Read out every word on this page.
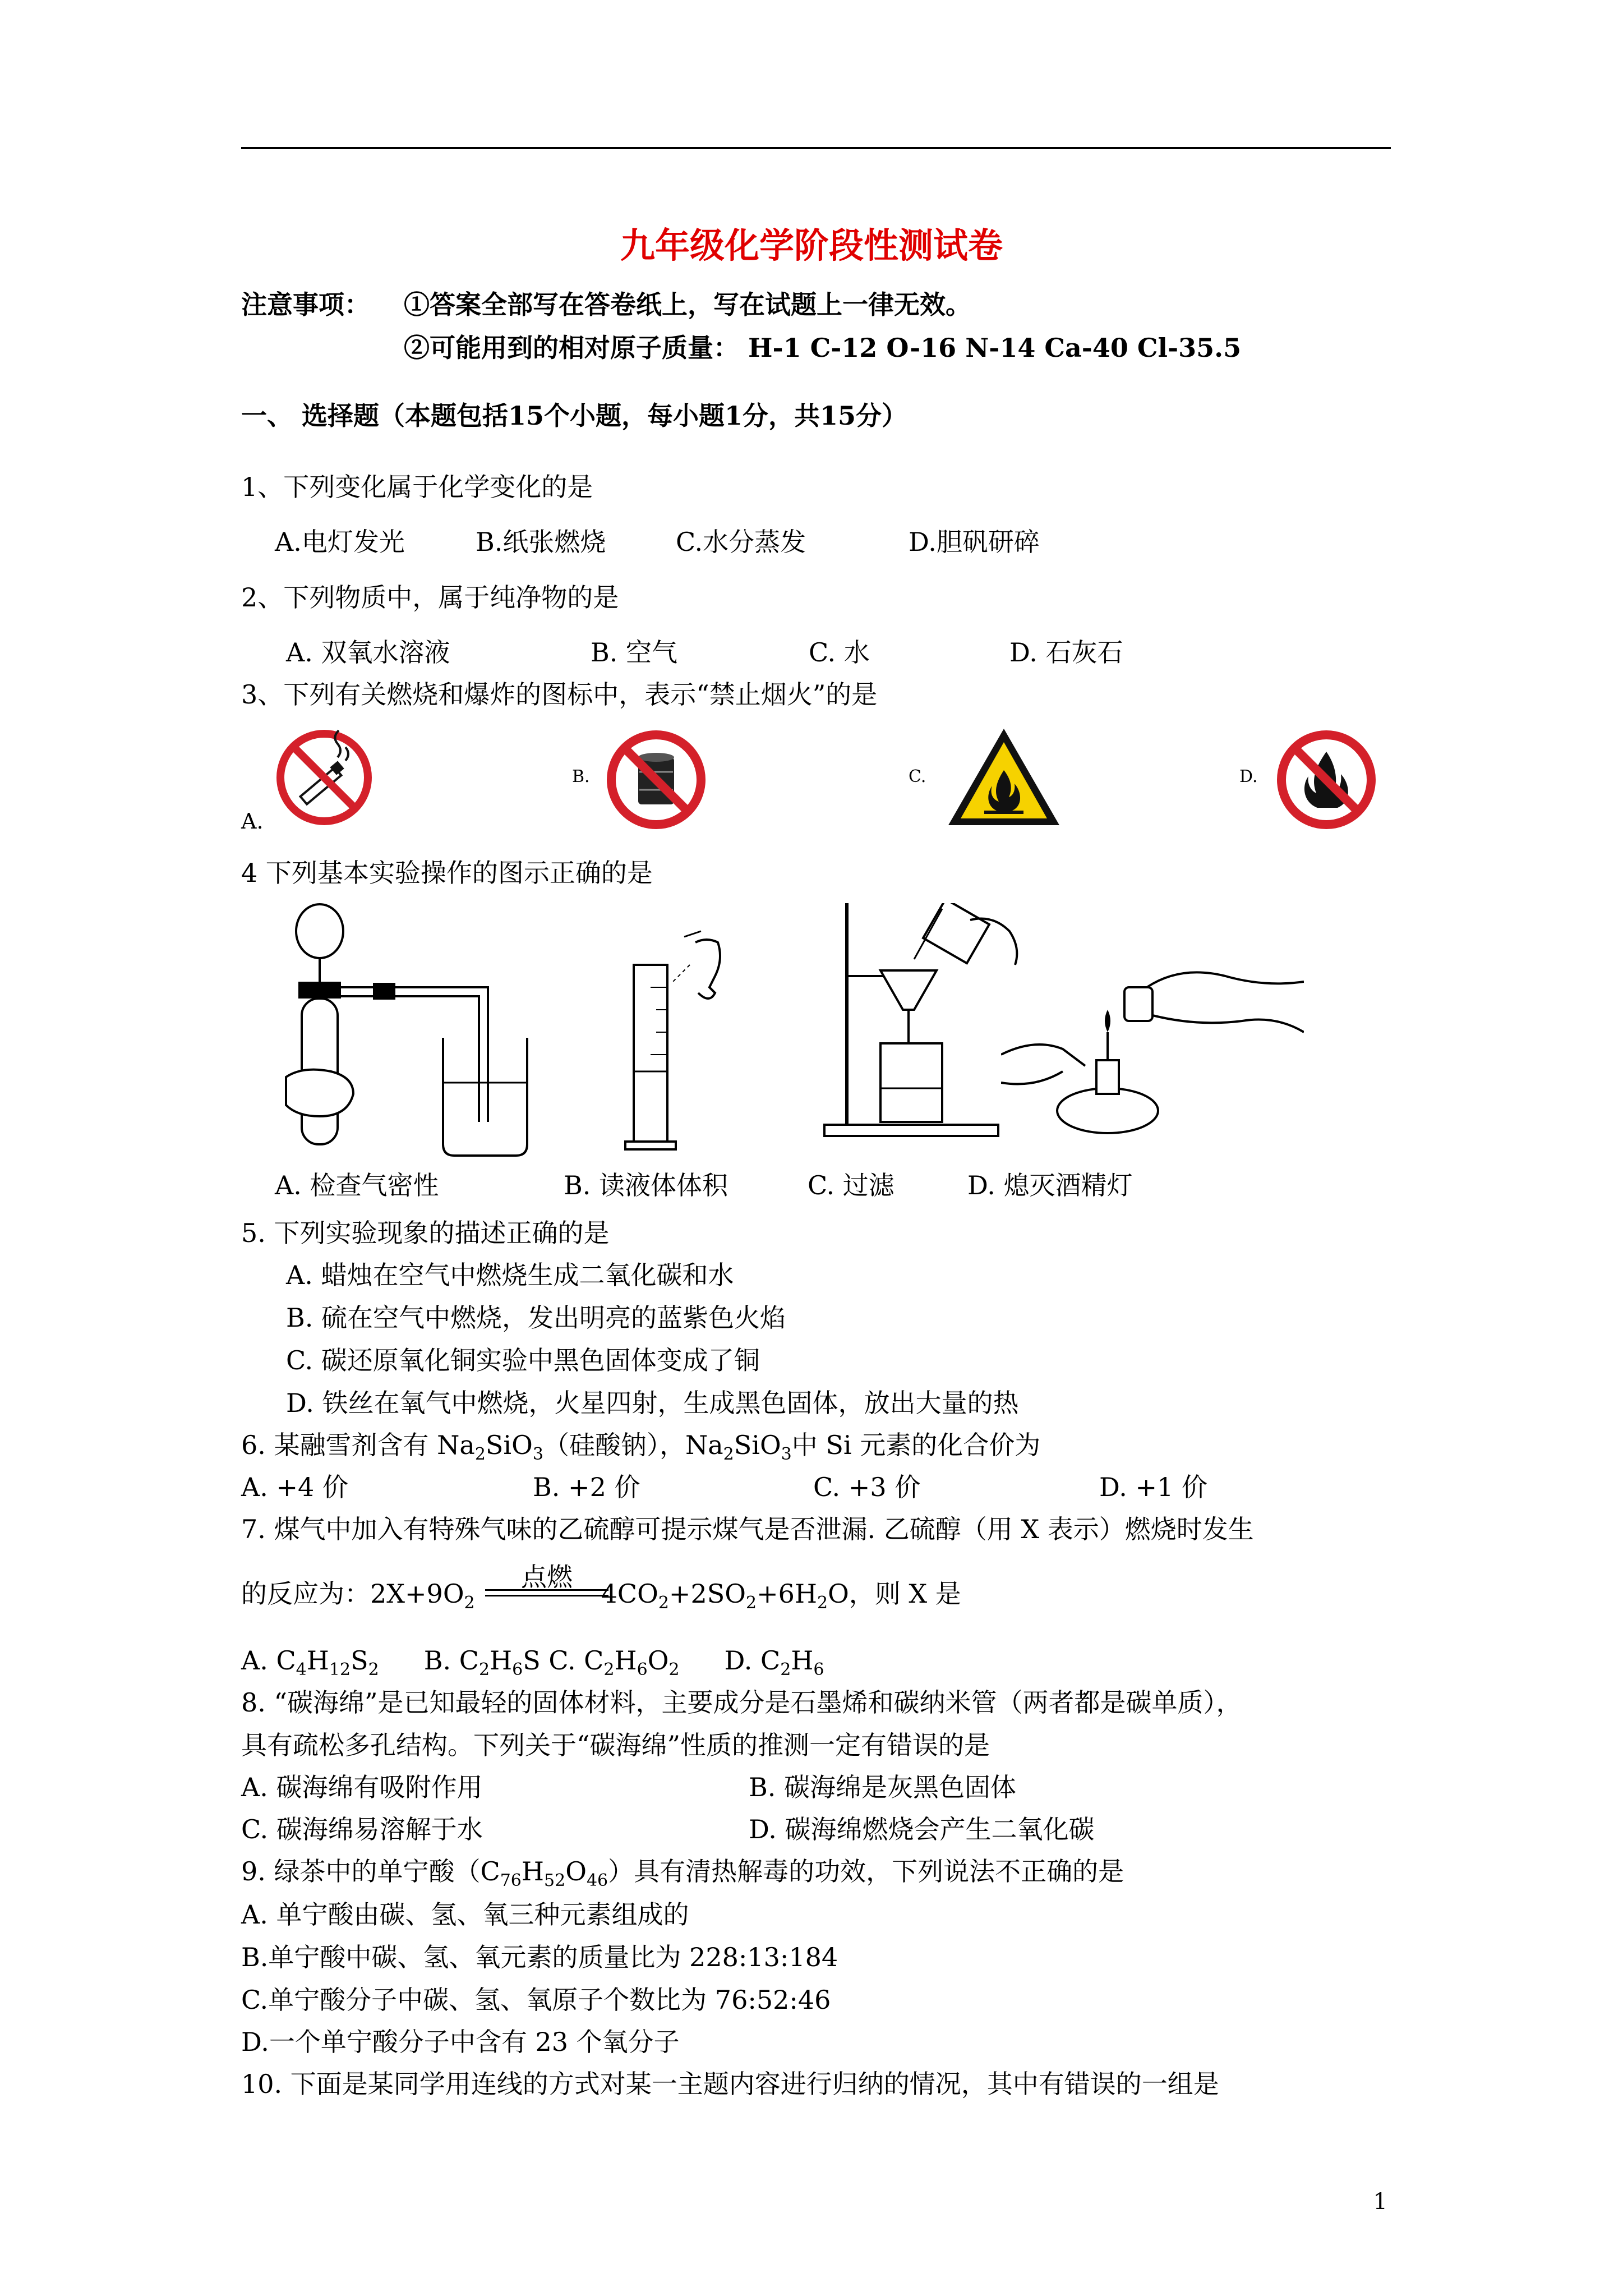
九年级化学阶段性测试卷
注意事项： ①答案全部写在答卷纸上，写在试题上一律无效。
②可能用到的相对原子质量： H-1 C-12 O-16 N-14 Ca-40 Cl-35.5
一、 选择题（本题包括15个小题，每小题1分，共15分）
1、下列变化属于化学变化的是
A.电灯发光	B.纸张燃烧	C.水分蒸发	D.胆矾研碎
2、下列物质中，属于纯净物的是
A. 双氧水溶液	B. 空气	C. 水	D. 石灰石
3、下列有关燃烧和爆炸的图标中，表示“禁止烟火”的是
A.
B.	C.	D.
4 下列基本实验操作的图示正确的是
A. 检查气密性	B. 读液体体积	C. 过滤	D. 熄灭酒精灯
5. 下列实验现象的描述正确的是
A. 蜡烛在空气中燃烧生成二氧化碳和水
B. 硫在空气中燃烧，发出明亮的蓝紫色火焰
C. 碳还原氧化铜实验中黑色固体变成了铜
D. 铁丝在氧气中燃烧，火星四射，生成黑色固体，放出大量的热
6. 某融雪剂含有 $Na_2SiO_3$（硅酸钠），$Na_2SiO_3$中 Si 元素的化合价为
A. +4 价	B. +2 价	C. +3 价	D. +1 价
7. 煤气中加入有特殊气味的乙硫醇可提示煤气是否泄漏. 乙硫醇（用 X 表示）燃烧时发生
的反应为：$2X+9O_2$	$4CO_2+2SO_2+6H_2O$，则 X 是
点燃
A. $C_4H_{12}S_2$ B. $C_2H_6S$ C. $C_2H_6O_2$ D. $C_2H_6$
8. “碳海绵”是已知最轻的固体材料，主要成分是石墨烯和碳纳米管（两者都是碳单质），
具有疏松多孔结构。下列关于“碳海绵”性质的推测一定有错误的是
A. 碳海绵有吸附作用	B. 碳海绵是灰黑色固体
C. 碳海绵易溶解于水	D. 碳海绵燃烧会产生二氧化碳
9. 绿茶中的单宁酸$(C_{76}H_{52}O_{46})$具有清热解毒的功效，下列说法不正确的是
A. 单宁酸由碳、氢、氧三种元素组成的
B.单宁酸中碳、氢、氧元素的质量比为 228:13:184
C.单宁酸分子中碳、氢、氧原子个数比为 76:52:46
D.一个单宁酸分子中含有 23 个氧分子
10. 下面是某同学用连线的方式对某一主题内容进行归纳的情况，其中有错误的一组是
1
